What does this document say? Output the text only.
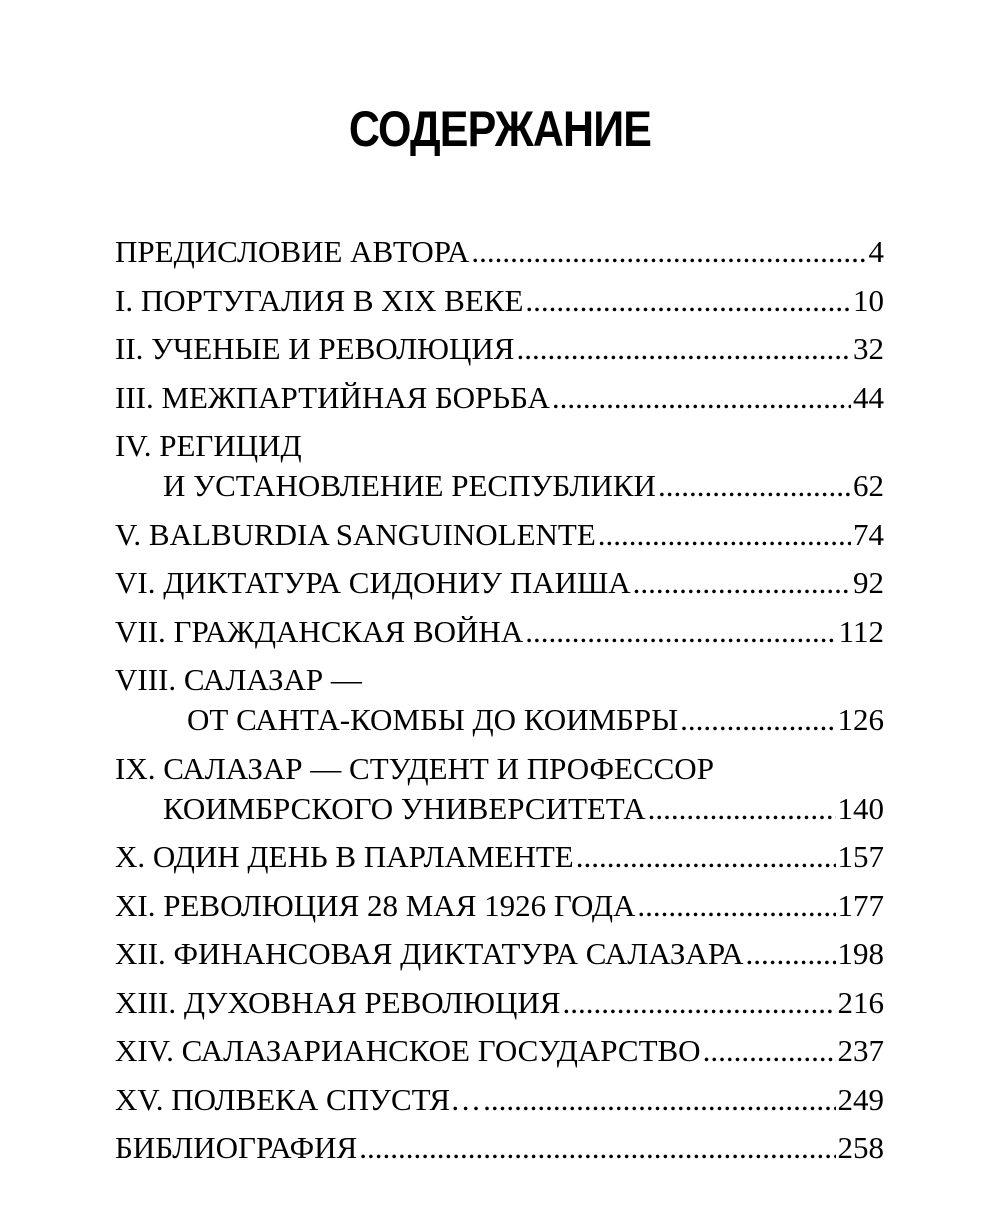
СОДЕРЖАНИЕ
ПРЕДИСЛОВИЕ АВТОРА .....	4
I. ПОРТУГАЛИЯ В XIX ВЕКЕ .....	10
II. УЧЕНЫЕ И РЕВОЛЮЦИЯ .....	32
III. МЕЖПАРТИЙНАЯ БОРЬБА .....	44
IV. РЕГИЦИД
И УСТАНОВЛЕНИЕ РЕСПУБЛИКИ .....	62
V. BALBURDIA SANGUINOLENTE .....	74
VI. ДИКТАТУРА СИДОНИУ ПАИША .....	92
VII. ГРАЖДАНСКАЯ ВОЙНА .....	112
VIII. САЛАЗАР —
ОТ САНТА-КОМБЫ ДО КОИМБРЫ .....	126
IX. САЛАЗАР — СТУДЕНТ И ПРОФЕССОР
КОИМБРСКОГО УНИВЕРСИТЕТА .....	140
X. ОДИН ДЕНЬ В ПАРЛАМЕНТЕ .....	157
XI. РЕВОЛЮЦИЯ 28 МАЯ 1926 ГОДА .....	177
XII. ФИНАНСОВАЯ ДИКТАТУРА САЛАЗАРА .....	198
XIII. ДУХОВНАЯ РЕВОЛЮЦИЯ .....	216
XIV. САЛАЗАРИАНСКОЕ ГОСУДАРСТВО .....	237
XV. ПОЛВЕКА СПУСТЯ… .....	249
БИБЛИОГРАФИЯ .....	258
